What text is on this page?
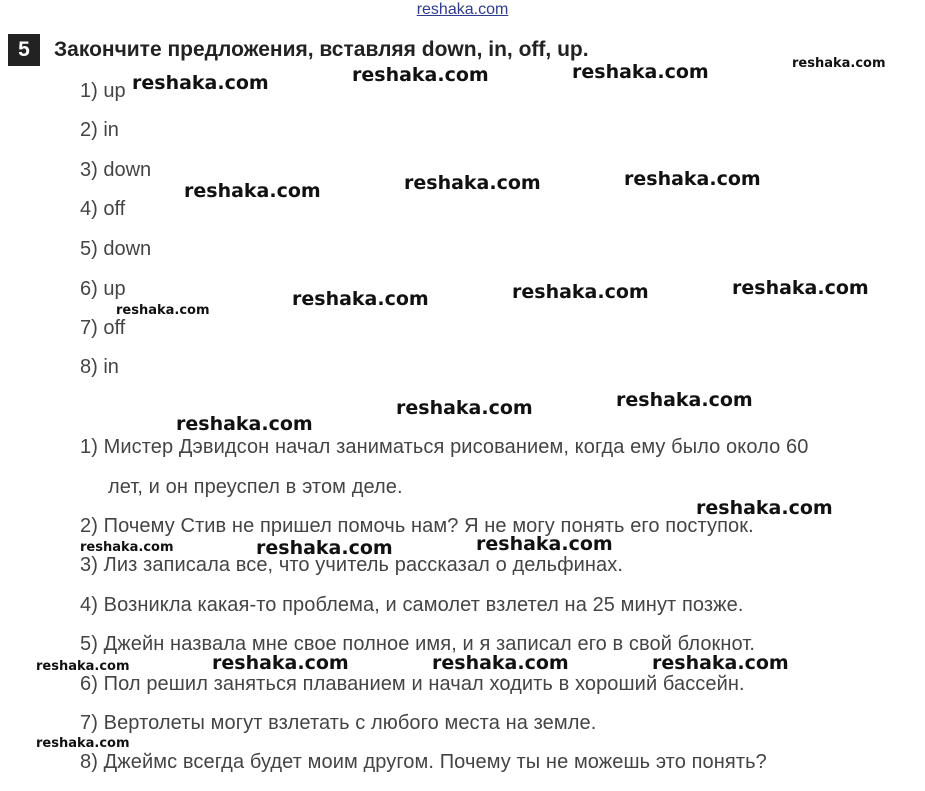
reshaka.com
5	Закончите предложения, вставляя down, in, off, up.
1) up
2) in
3) down
4) off
5) down
6) up
7) off
8) in
1) Мистер Дэвидсон начал заниматься рисованием, когда ему было около 60
лет, и он преуспел в этом деле.
2) Почему Стив не пришел помочь нам? Я не могу понять его поступок.
3) Лиз записала все, что учитель рассказал о дельфинах.
4) Возникла какая-то проблема, и самолет взлетел на 25 минут позже.
5) Джейн назвала мне свое полное имя, и я записал его в свой блокнот.
6) Пол решил заняться плаванием и начал ходить в хороший бассейн.
7) Вертолеты могут взлетать с любого места на земле.
8) Джеймс всегда будет моим другом. Почему ты не можешь это понять?
reshaka.com	reshaka.com	reshaka.com	reshaka.com
reshaka.com	reshaka.com	reshaka.com
reshaka.com	reshaka.com	reshaka.com
reshaka.com
reshaka.com
reshaka.com	reshaka.com
reshaka.com
reshaka.com	reshaka.com	reshaka.com
reshaka.com	reshaka.com	reshaka.com	reshaka.com
reshaka.com
